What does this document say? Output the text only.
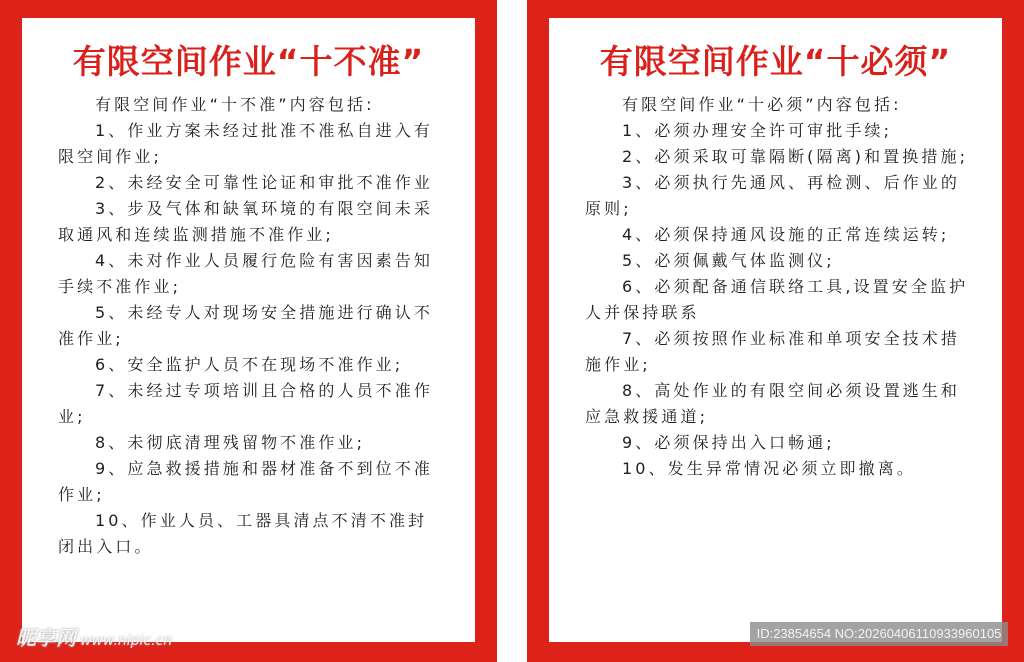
有限空间作业“十不准”

有限空间作业“十不准”内容包括:

1、作业方案未经过批准不准私自进入有限空间作业;

2、未经安全可靠性论证和审批不准作业

3、步及气体和缺氧环境的有限空间未采取通风和连续监测措施不准作业;

4、未对作业人员履行危险有害因素告知手续不准作业;

5、未经专人对现场安全措施进行确认不准作业;

6、安全监护人员不在现场不准作业;

7、未经过专项培训且合格的人员不准作业;

8、未彻底清理残留物不准作业;

9、应急救援措施和器材准备不到位不准作业;

10、作业人员、工器具清点不清不准封闭出入口。

有限空间作业“十必须”

有限空间作业“十必须”内容包括:

1、必须办理安全许可审批手续;

2、必须采取可靠隔断(隔离)和置换措施;

3、必须执行先通风、再检测、后作业的原则;

4、必须保持通风设施的正常连续运转;

5、必须佩戴气体监测仪;

6、必须配备通信联络工具,设置安全监护人并保持联系

7、必须按照作业标准和单项安全技术措施作业;

8、高处作业的有限空间必须设置逃生和应急救援通道;

9、必须保持出入口畅通;

10、发生异常情况必须立即撤离。

昵享网 www.nipic.cn	ID:23854654 NO:20260406110933960105
